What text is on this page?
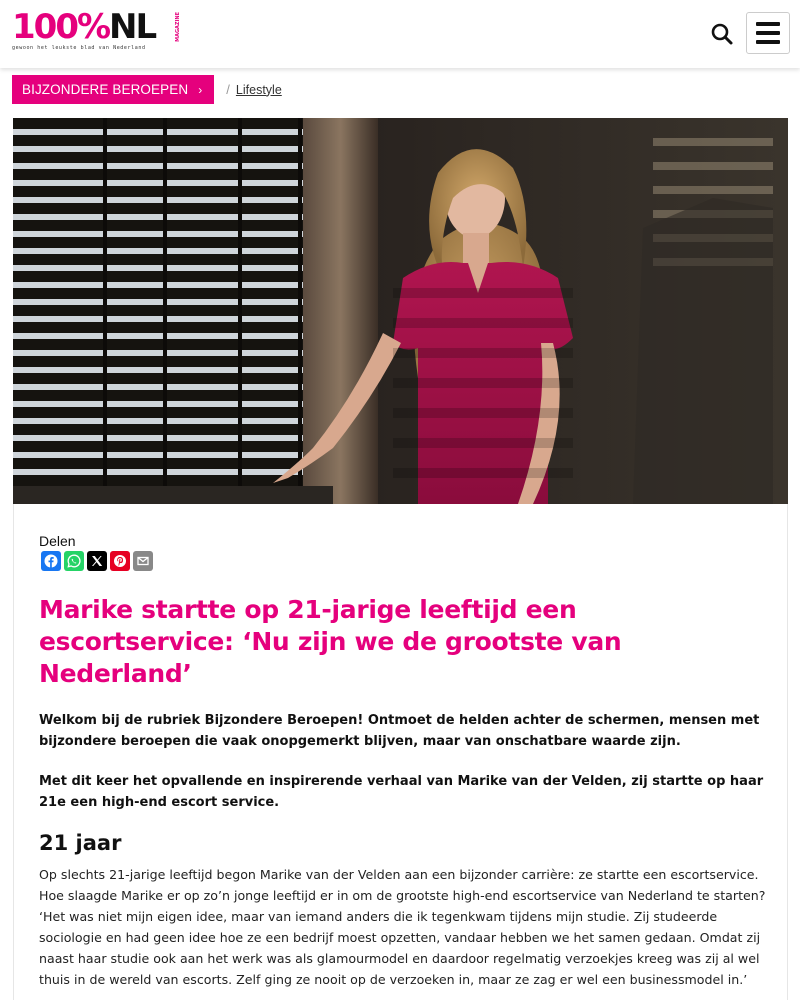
100%NL
gewoon het leukste blad van Nederland
MAGAZINE
BIJZONDERE BEROEPEN › / Lifestyle
Delen
Marike startte op 21-jarige leeftijd een escortservice: ‘Nu zijn we de grootste van Nederland’

Welkom bij de rubriek Bijzondere Beroepen! Ontmoet de helden achter de schermen, mensen met bijzondere beroepen die vaak onopgemerkt blijven, maar van onschatbare waarde zijn.

Met dit keer het opvallende en inspirerende verhaal van Marike van der Velden, zij startte op haar 21e een high-end escort service.

21 jaar

Op slechts 21-jarige leeftijd begon Marike van der Velden aan een bijzonder carrière: ze startte een escortservice. Hoe slaagde Marike er op zo’n jonge leeftijd er in om de grootste high-end escortservice van Nederland te starten? ‘Het was niet mijn eigen idee, maar van iemand anders die ik tegenkwam tijdens mijn studie. Zij studeerde sociologie en had geen idee hoe ze een bedrijf moest opzetten, vandaar hebben we het samen gedaan. Omdat zij naast haar studie ook aan het werk was als glamourmodel en daardoor regelmatig verzoekjes kreeg was zij al wel thuis in de wereld van escorts. Zelf ging ze nooit op de verzoeken in, maar ze zag er wel een businessmodel in.’
